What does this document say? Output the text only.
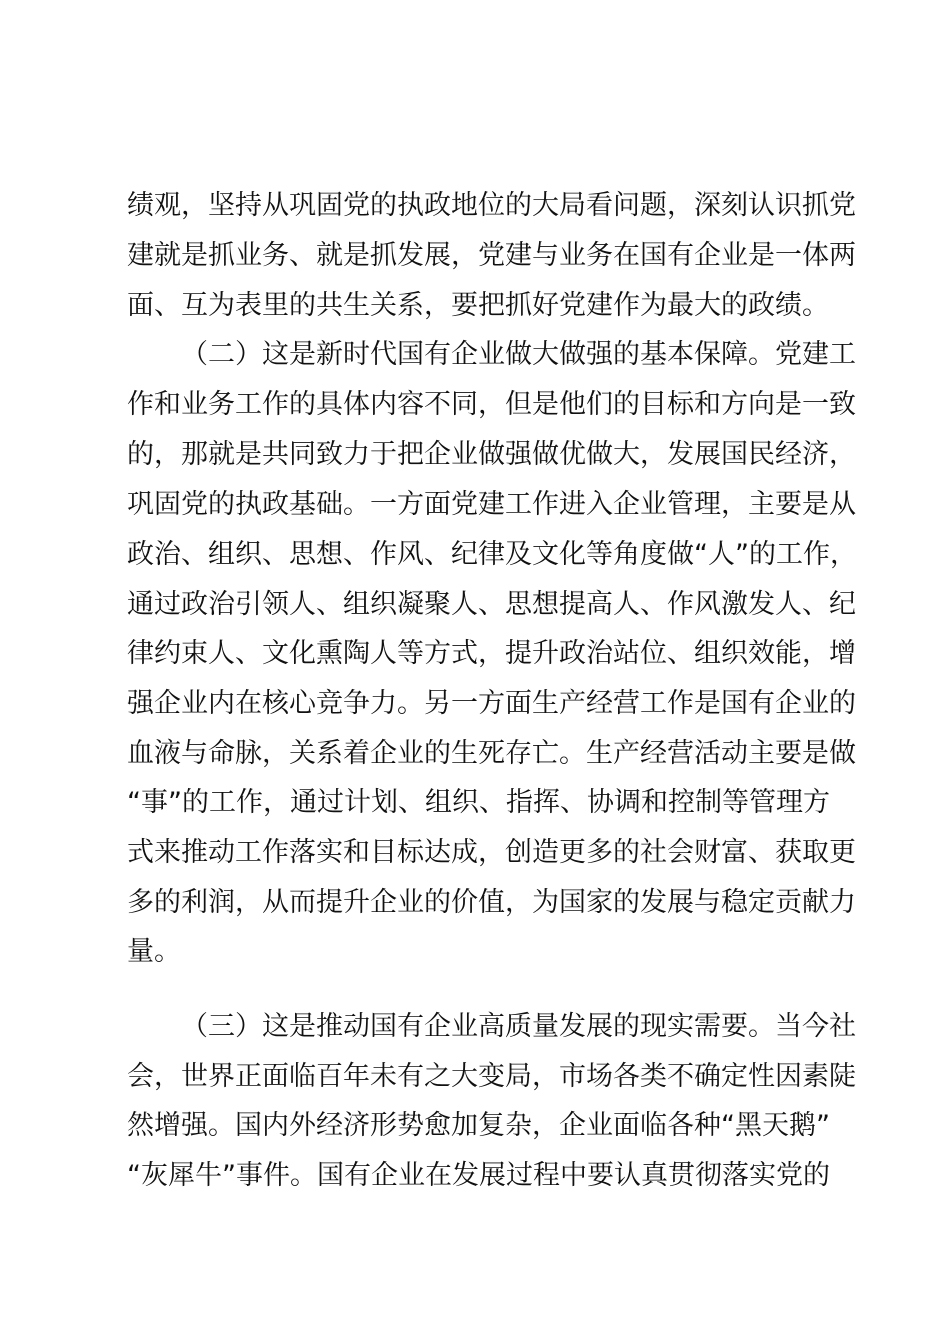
绩观，坚持从巩固党的执政地位的大局看问题，深刻认识抓党
建就是抓业务、就是抓发展，党建与业务在国有企业是一体两
面、互为表里的共生关系，要把抓好党建作为最大的政绩。
（二）这是新时代国有企业做大做强的基本保障。党建工
作和业务工作的具体内容不同，但是他们的目标和方向是一致
的，那就是共同致力于把企业做强做优做大，发展国民经济，
巩固党的执政基础。一方面党建工作进入企业管理，主要是从
政治、组织、思想、作风、纪律及文化等角度做“人”的工作，
通过政治引领人、组织凝聚人、思想提高人、作风激发人、纪
律约束人、文化熏陶人等方式，提升政治站位、组织效能，增
强企业内在核心竞争力。另一方面生产经营工作是国有企业的
血液与命脉，关系着企业的生死存亡。生产经营活动主要是做
“事”的工作，通过计划、组织、指挥、协调和控制等管理方
式来推动工作落实和目标达成，创造更多的社会财富、获取更
多的利润，从而提升企业的价值，为国家的发展与稳定贡献力
量。
（三）这是推动国有企业高质量发展的现实需要。当今社
会，世界正面临百年未有之大变局，市场各类不确定性因素陡
然增强。国内外经济形势愈加复杂，企业面临各种“黑天鹅”
“灰犀牛”事件。国有企业在发展过程中要认真贯彻落实党的
